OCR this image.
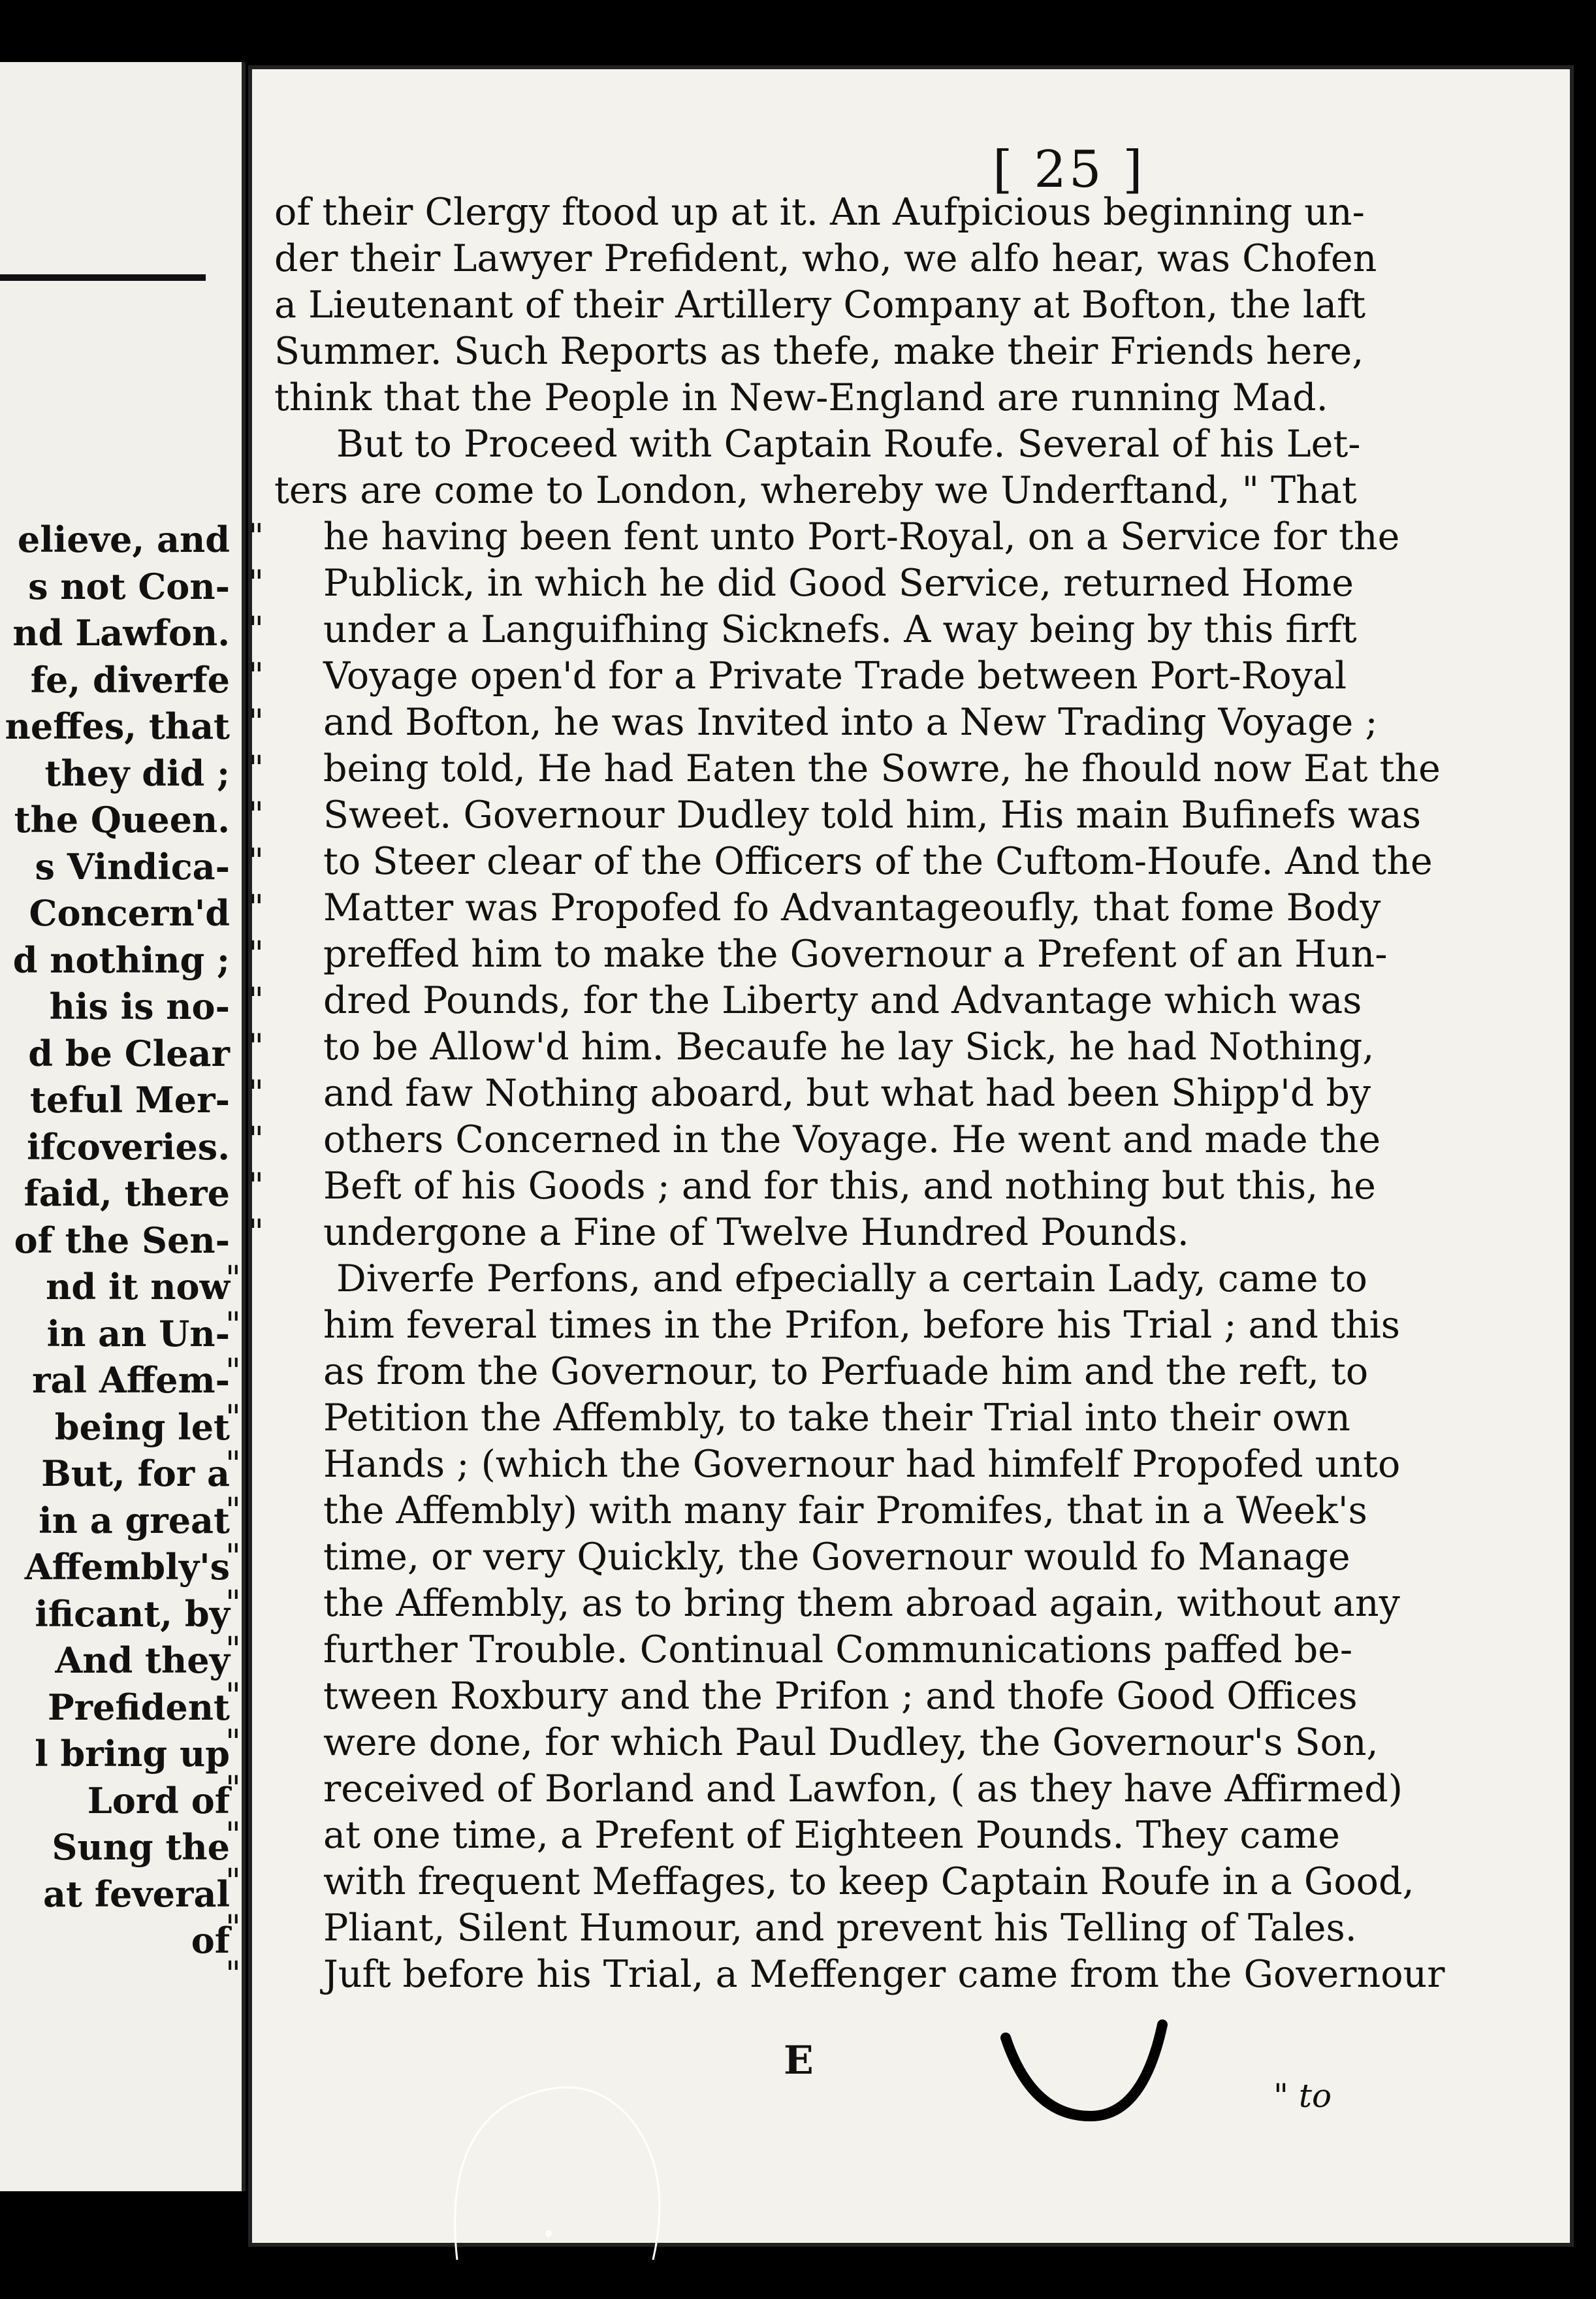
elieve, and
s not Con-
nd Lawfon.
fe, diverfe
neffes, that
they did ;
the Queen.
s Vindica-
Concern'd
d nothing ;
his is no-
d be Clear
teful Mer-
ifcoveries.
faid, there
of the Sen-
nd it now
in an Un-
ral Affem-
being let
But, for a
in a great
Affembly's
ificant, by
And they
Prefident
l bring up
Lord of
Sung the
at feveral
of
[ 25 ]
of their Clergy ftood up at it. An Aufpicious beginning un-
der their Lawyer Prefident, who, we alfo hear, was Chofen
a Lieutenant of their Artillery Company at Bofton, the laft
Summer. Such Reports as thefe, make their Friends here,
think that the People in New-England are running Mad.
But to Proceed with Captain Roufe. Several of his Let-
ters are come to London, whereby we Underftand, " That
" he having been fent unto Port-Royal, on a Service for the
" Publick, in which he did Good Service, returned Home
" under a Languifhing Sicknefs. A way being by this firft
" Voyage open'd for a Private Trade between Port-Royal
" and Bofton, he was Invited into a New Trading Voyage ;
" being told, He had Eaten the Sowre, he fhould now Eat the
" Sweet. Governour Dudley told him, His main Bufinefs was
" to Steer clear of the Officers of the Cuftom-Houfe. And the
" Matter was Propofed fo Advantageoufly, that fome Body
" preffed him to make the Governour a Prefent of an Hun-
" dred Pounds, for the Liberty and Advantage which was
" to be Allow'd him. Becaufe he lay Sick, he had Nothing,
" and faw Nothing aboard, but what had been Shipp'd by
" others Concerned in the Voyage. He went and made the
" Beft of his Goods ; and for this, and nothing but this, he
" undergone a Fine of Twelve Hundred Pounds.
"	Diverfe Perfons, and efpecially a certain Lady, came to
" him feveral times in the Prifon, before his Trial ; and this
" as from the Governour, to Perfuade him and the reft, to
" Petition the Affembly, to take their Trial into their own
" Hands ; (which the Governour had himfelf Propofed unto
" the Affembly) with many fair Promifes, that in a Week's
" time, or very Quickly, the Governour would fo Manage
" the Affembly, as to bring them abroad again, without any
" further Trouble. Continual Communications paffed be-
" tween Roxbury and the Prifon ; and thofe Good Offices
" were done, for which Paul Dudley, the Governour's Son,
" received of Borland and Lawfon, ( as they have Affirmed)
" at one time, a Prefent of Eighteen Pounds. They came
" with frequent Meffages, to keep Captain Roufe in a Good,
" Pliant, Silent Humour, and prevent his Telling of Tales.
" Juft before his Trial, a Meffenger came from the Governour
E
" to
